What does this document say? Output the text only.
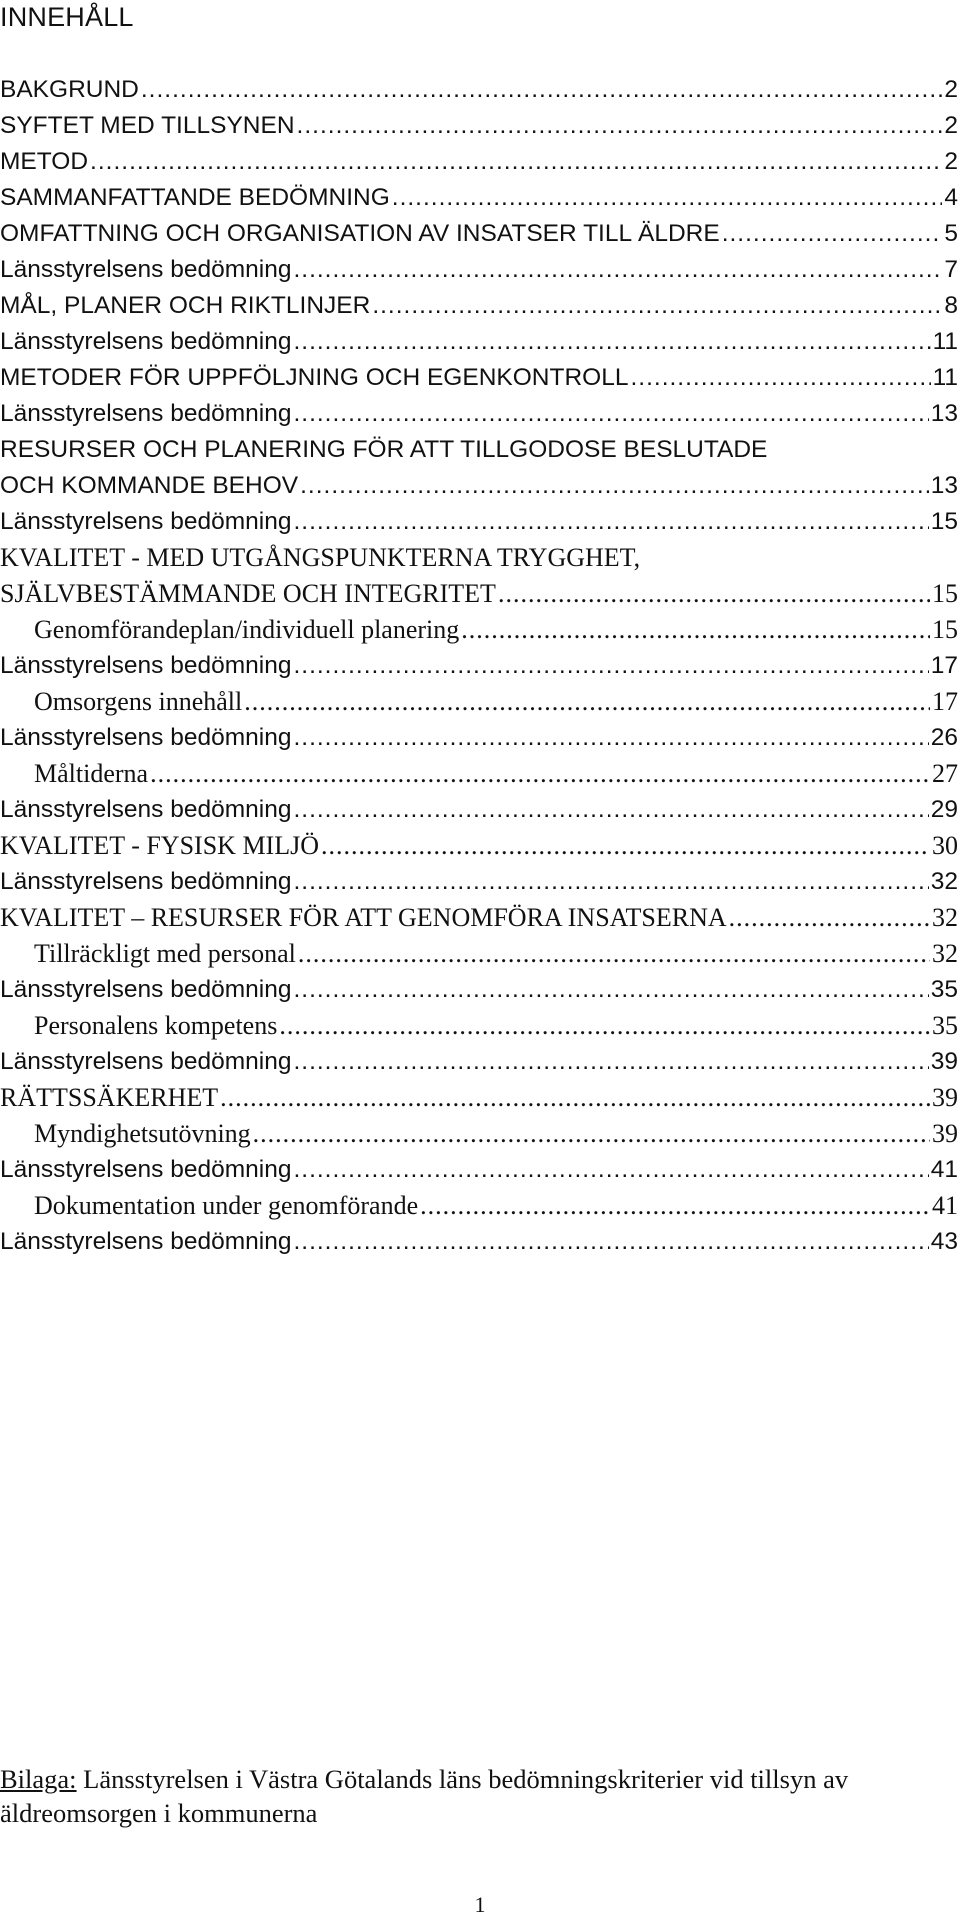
INNEHÅLL
BAKGRUND .....	2
SYFTET MED TILLSYNEN .....	2
METOD .....	2
SAMMANFATTANDE BEDÖMNING .....	4
OMFATTNING OCH ORGANISATION AV INSATSER TILL ÄLDRE .....	5
Länsstyrelsens bedömning .....	7
MÅL, PLANER OCH RIKTLINJER .....	8
Länsstyrelsens bedömning .....	11
METODER FÖR UPPFÖLJNING OCH EGENKONTROLL .....	11
Länsstyrelsens bedömning .....	13
RESURSER OCH PLANERING FÖR ATT TILLGODOSE BESLUTADE
OCH KOMMANDE BEHOV .....	13
Länsstyrelsens bedömning .....	15
KVALITET - MED UTGÅNGSPUNKTERNA TRYGGHET,
SJÄLVBESTÄMMANDE OCH INTEGRITET .....	15
Genomförandeplan/individuell planering .....	15
Länsstyrelsens bedömning .....	17
Omsorgens innehåll .....	17
Länsstyrelsens bedömning .....	26
Måltiderna .....	27
Länsstyrelsens bedömning .....	29
KVALITET - FYSISK MILJÖ .....	30
Länsstyrelsens bedömning .....	32
KVALITET – RESURSER FÖR ATT GENOMFÖRA INSATSERNA .....	32
Tillräckligt med personal .....	32
Länsstyrelsens bedömning .....	35
Personalens kompetens .....	35
Länsstyrelsens bedömning .....	39
RÄTTSSÄKERHET .....	39
Myndighetsutövning .....	39
Länsstyrelsens bedömning .....	41
Dokumentation under genomförande .....	41
Länsstyrelsens bedömning .....	43
Bilaga: Länsstyrelsen i Västra Götalands läns bedömningskriterier vid tillsyn av äldreomsorgen i kommunerna
1
